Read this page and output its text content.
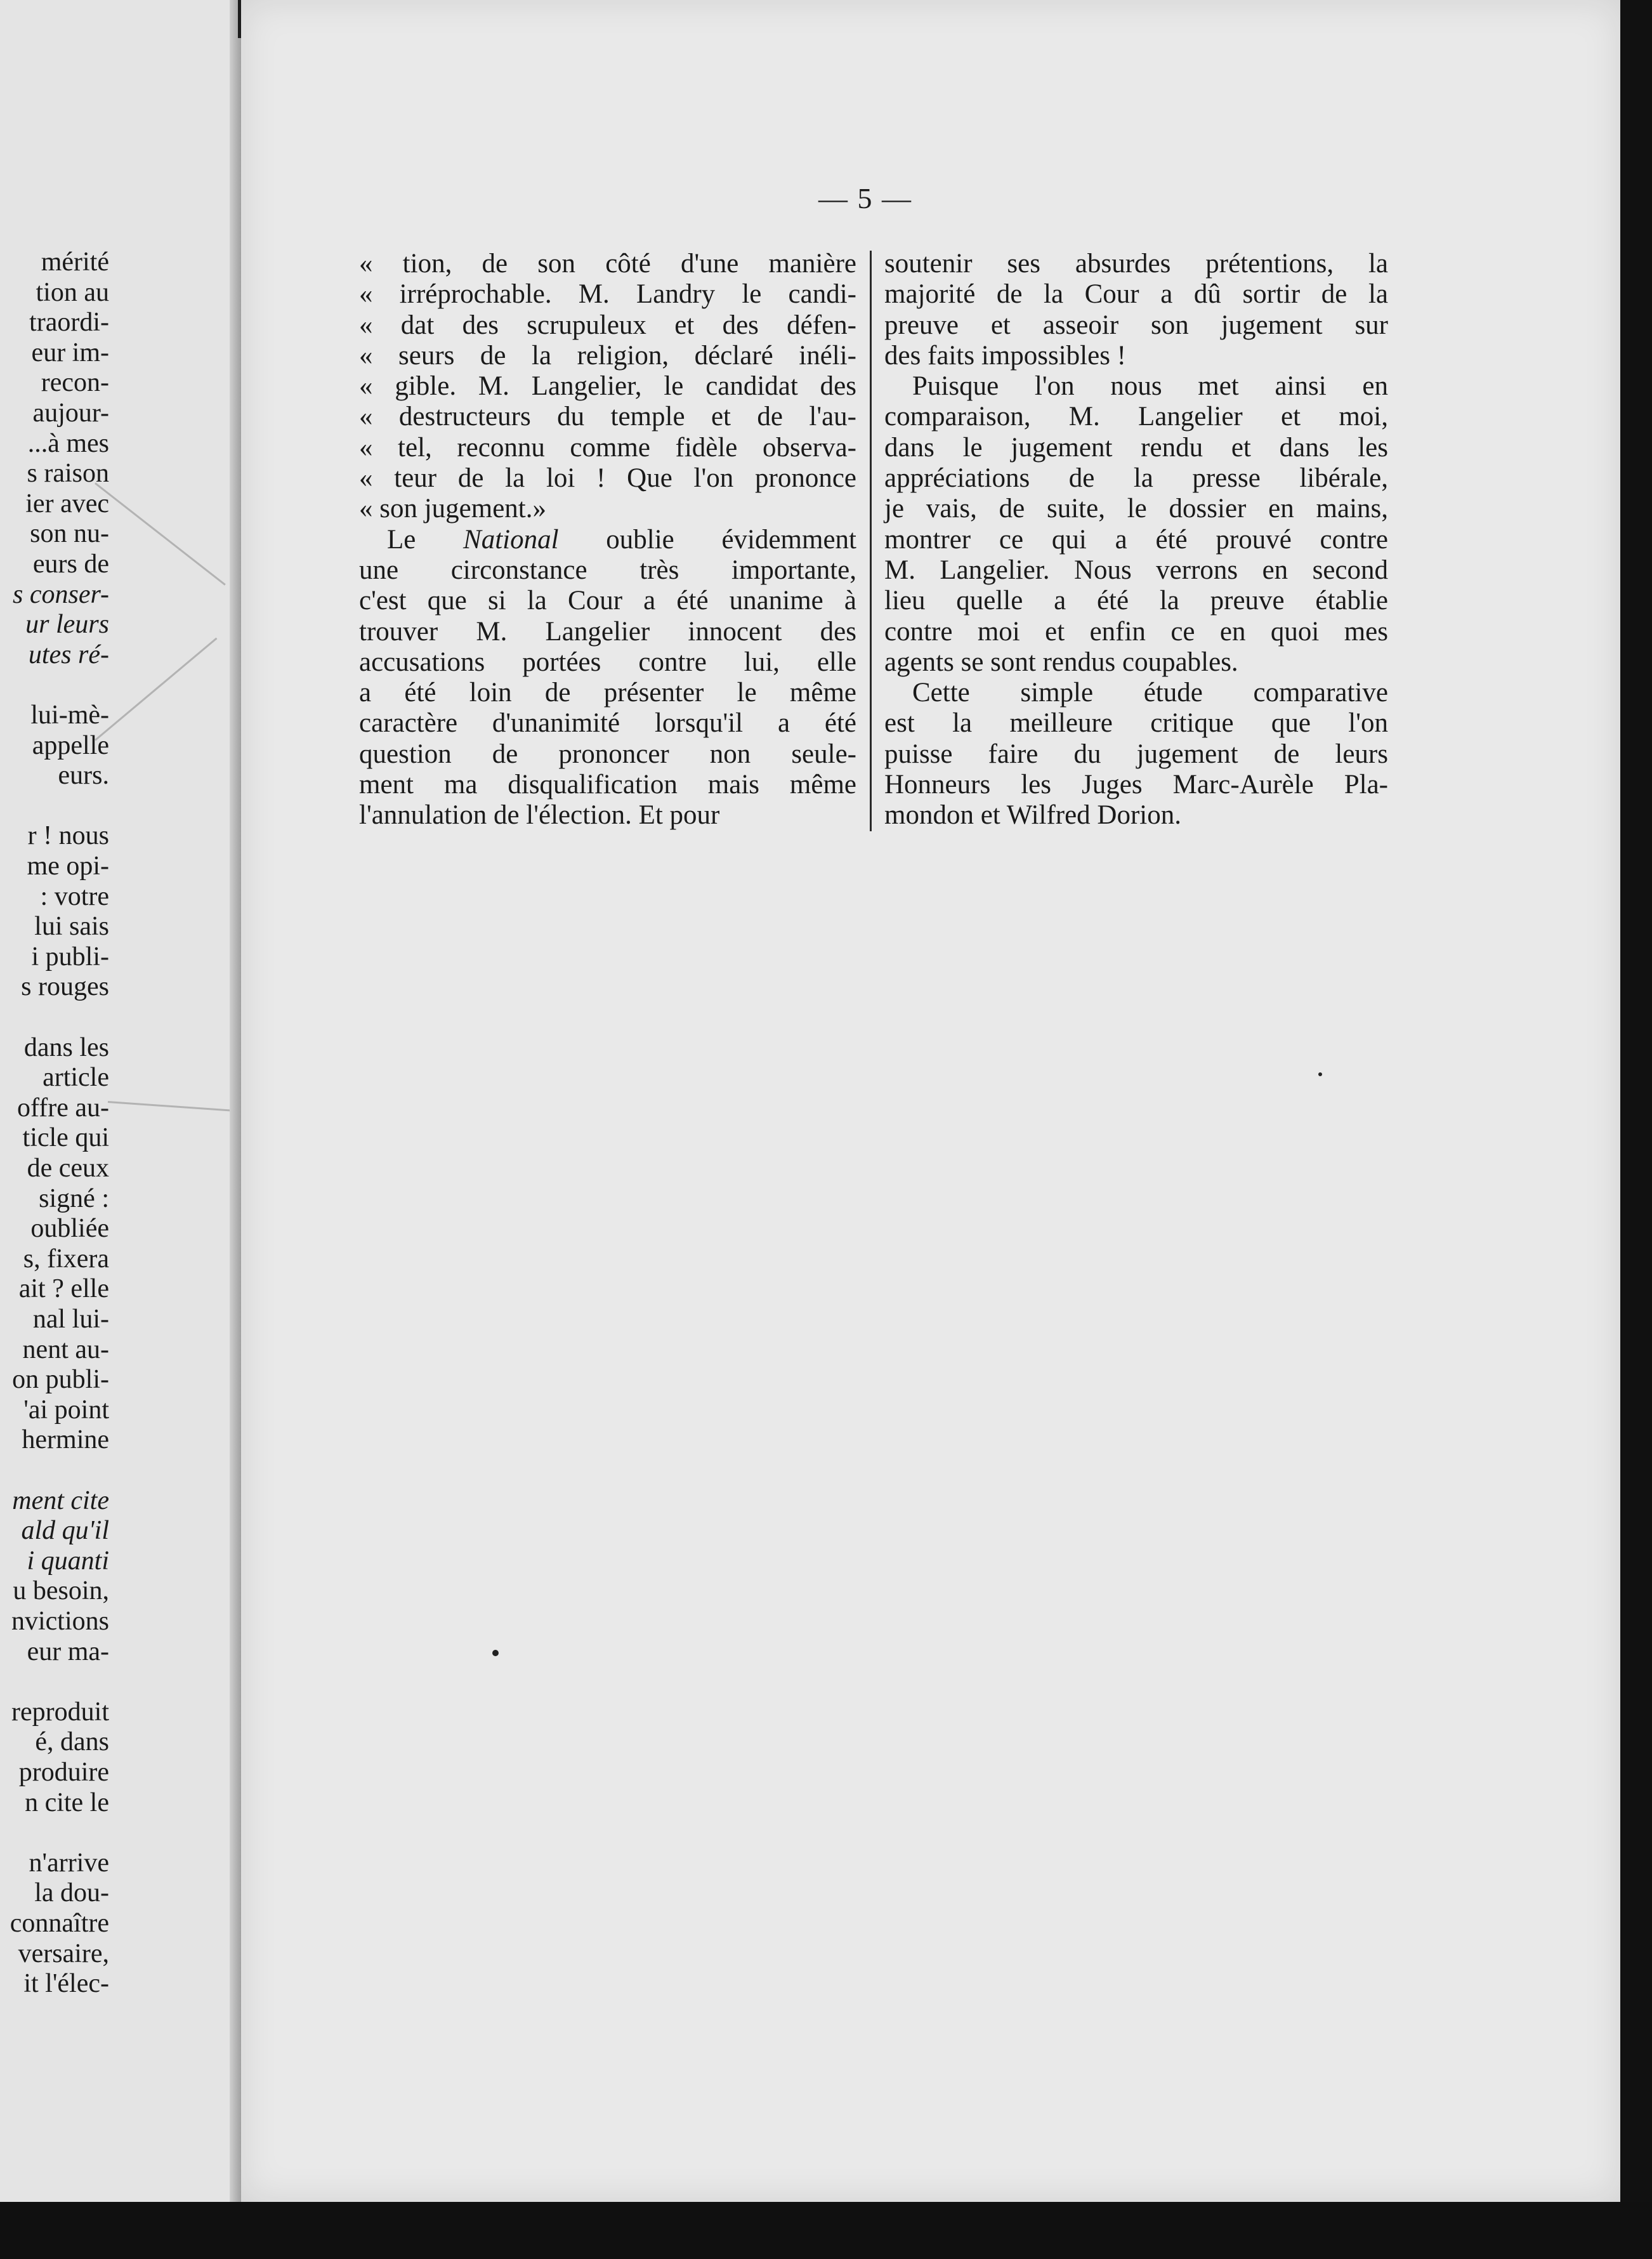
mérité
tion au
traordi-
eur im-
recon-
aujour-
...à mes
s raison
ier avec
son nu-
eurs de
s conser-
ur leurs
utes ré-
lui-mè-
appelle
eurs.
r ! nous
me opi-
: votre
lui sais
i publi-
s rouges
dans les
article
offre au-
ticle qui
de ceux
signé :
oubliée
s, fixera
ait ? elle
nal lui-
nent au-
on publi-
'ai point
hermine
ment cite
ald qu'il
i quanti
u besoin,
nvictions
eur ma-
reproduit
é, dans
produire
n cite le
n'arrive
la dou-
connaître
versaire,
it l'élec-
— 5 —
« tion, de son côté d'une manière
« irréprochable. M. Landry le candi-
« dat des scrupuleux et des défen-
« seurs de la religion, déclaré inéli-
« gible. M. Langelier, le candidat des
« destructeurs du temple et de l'au-
« tel, reconnu comme fidèle observa-
« teur de la loi ! Que l'on prononce
« son jugement.»
Le National oublie évidemment
une circonstance très importante,
c'est que si la Cour a été unanime à
trouver M. Langelier innocent des
accusations portées contre lui, elle
a été loin de présenter le même
caractère d'unanimité lorsqu'il a été
question de prononcer non seule-
ment ma disqualification mais même
l'annulation de l'élection. Et pour
soutenir ses absurdes prétentions, la
majorité de la Cour a dû sortir de la
preuve et asseoir son jugement sur
des faits impossibles !
Puisque l'on nous met ainsi en
comparaison, M. Langelier et moi,
dans le jugement rendu et dans les
appréciations de la presse libérale,
je vais, de suite, le dossier en mains,
montrer ce qui a été prouvé contre
M. Langelier. Nous verrons en second
lieu quelle a été la preuve établie
contre moi et enfin ce en quoi mes
agents se sont rendus coupables.
Cette simple étude comparative
est la meilleure critique que l'on
puisse faire du jugement de leurs
Honneurs les Juges Marc-Aurèle Pla-
mondon et Wilfred Dorion.
